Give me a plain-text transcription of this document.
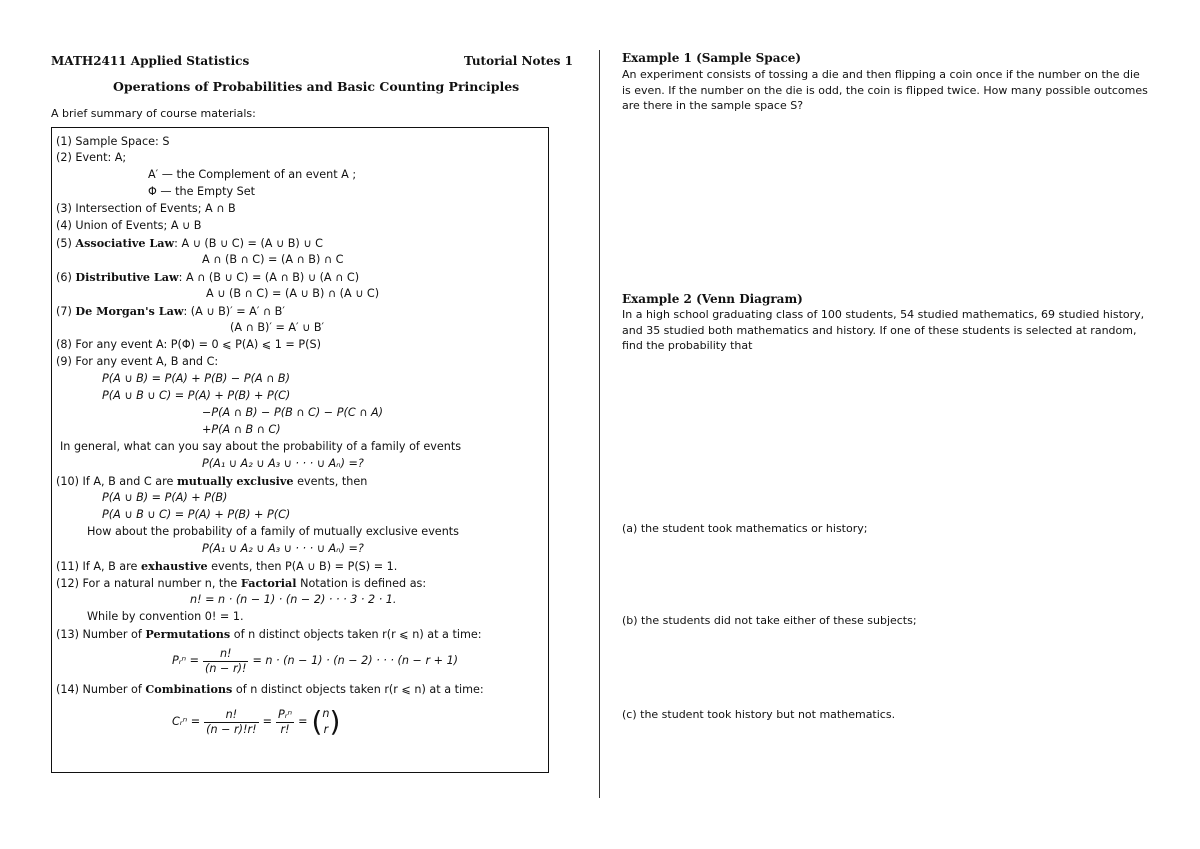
MATH2411 Applied Statistics	Tutorial Notes 1
Operations of Probabilities and Basic Counting Principles
A brief summary of course materials:
(1) Sample Space: S
(2) Event: A;
A′ — the Complement of an event A ;
Φ — the Empty Set
(3) Intersection of Events; A ∩ B
(4) Union of Events; A ∪ B
(5) Associative Law: A ∪ (B ∪ C) = (A ∪ B) ∪ C
A ∩ (B ∩ C) = (A ∩ B) ∩ C
(6) Distributive Law: A ∩ (B ∪ C) = (A ∩ B) ∪ (A ∩ C)
A ∪ (B ∩ C) = (A ∪ B) ∩ (A ∪ C)
(7) De Morgan's Law: (A ∪ B)′ = A′ ∩ B′
(A ∩ B)′ = A′ ∪ B′
(8) For any event A: P(Φ) = 0 ⩽ P(A) ⩽ 1 = P(S)
(9) For any event A, B and C:
P(A ∪ B) = P(A) + P(B) − P(A ∩ B)
P(A ∪ B ∪ C) = P(A) + P(B) + P(C)
−P(A ∩ B) − P(B ∩ C) − P(C ∩ A)
+P(A ∩ B ∩ C)
In general, what can you say about the probability of a family of events
P(A₁ ∪ A₂ ∪ A₃ ∪ · · · ∪ Aₙ) =?
(10) If A, B and C are mutually exclusive events, then
P(A ∪ B) = P(A) + P(B)
P(A ∪ B ∪ C) = P(A) + P(B) + P(C)
How about the probability of a family of mutually exclusive events
P(A₁ ∪ A₂ ∪ A₃ ∪ · · · ∪ Aₙ) =?
(11) If A, B are exhaustive events, then P(A ∪ B) = P(S) = 1.
(12) For a natural number n, the Factorial Notation is defined as:
n! = n · (n − 1) · (n − 2) · · · 3 · 2 · 1.
While by convention 0! = 1.
(13) Number of Permutations of n distinct objects taken r(r ⩽ n) at a time:
Pᵣⁿ = $\frac{n!}{(n - r)!} = n \cdot (n - 1) \cdot (n - 2)$ · · · (n − r + 1)
(14) Number of Combinations of n distinct objects taken r(r ⩽ n) at a time:
Cᵣⁿ = $\frac{n!}{(n - r)!r!} = \frac{\text{Pᵣⁿ}}{r!}$ = ( n
r )
Example 1 (Sample Space)
An experiment consists of tossing a die and then flipping a coin once if the number on the die is even. If the number on the die is odd, the coin is flipped twice. How many possible outcomes are there in the sample space S?
Example 2 (Venn Diagram)
In a high school graduating class of 100 students, 54 studied mathematics, 69 studied history, and 35 studied both mathematics and history. If one of these students is selected at random, find the probability that
(a) the student took mathematics or history;
(b) the students did not take either of these subjects;
(c) the student took history but not mathematics.
